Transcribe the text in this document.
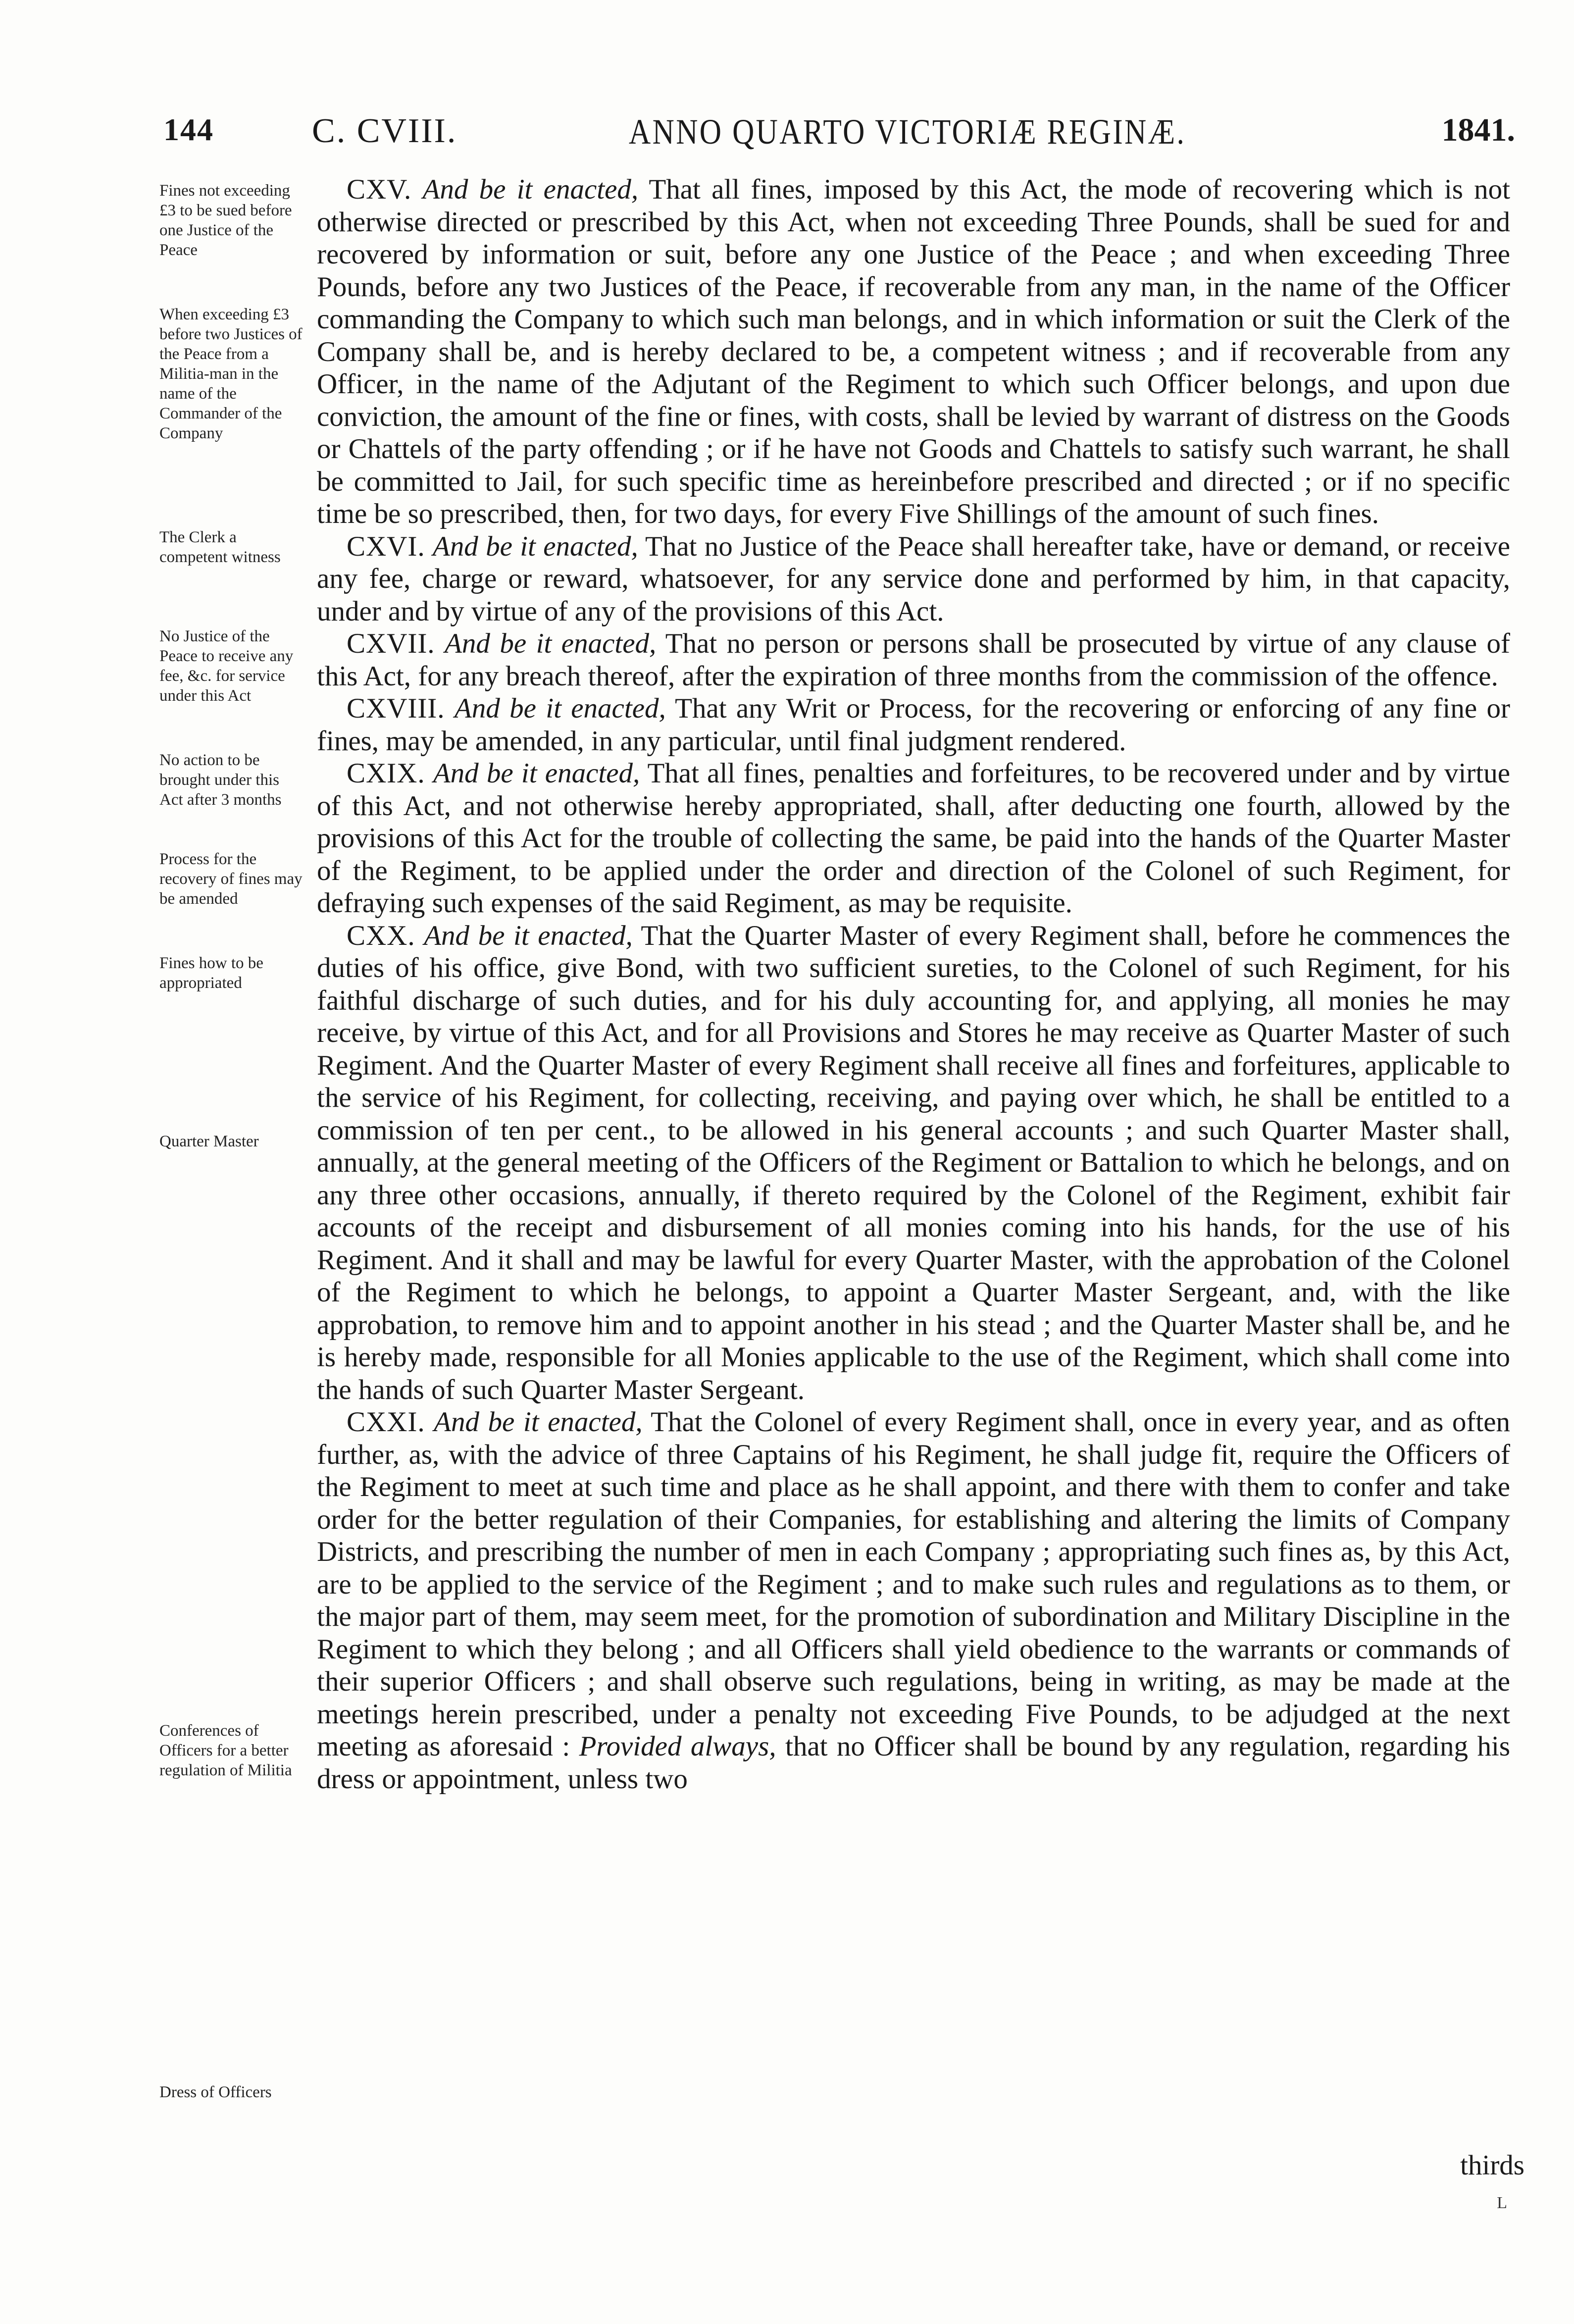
144	C. CVIII.	ANNO QUARTO VICTORIÆ REGINÆ.	1841.
Fines not exceeding £3 to be sued before one Justice of the Peace
When exceeding £3 before two Justices of the Peace from a Militia-man in the name of the Commander of the Company
The Clerk a competent witness
No Justice of the Peace to receive any fee, &c. for service under this Act
No action to be brought under this Act after 3 months
Process for the recovery of fines may be amended
Fines how to be appropriated
Quarter Master
Conferences of Officers for a better regulation of Militia
Dress of Officers

CXV. And be it enacted, That all fines, imposed by this Act, the mode of recovering which is not otherwise directed or prescribed by this Act, when not exceeding Three Pounds, shall be sued for and recovered by information or suit, before any one Justice of the Peace ; and when exceeding Three Pounds, before any two Justices of the Peace, if recoverable from any man, in the name of the Officer commanding the Company to which such man belongs, and in which information or suit the Clerk of the Company shall be, and is hereby declared to be, a competent witness ; and if recoverable from any Officer, in the name of the Adjutant of the Regiment to which such Officer belongs, and upon due conviction, the amount of the fine or fines, with costs, shall be levied by warrant of distress on the Goods or Chattels of the party offending ; or if he have not Goods and Chattels to satisfy such warrant, he shall be committed to Jail, for such specific time as hereinbefore prescribed and directed ; or if no specific time be so prescribed, then, for two days, for every Five Shillings of the amount of such fines.

CXVI. And be it enacted, That no Justice of the Peace shall hereafter take, have or demand, or receive any fee, charge or reward, whatsoever, for any service done and performed by him, in that capacity, under and by virtue of any of the provisions of this Act.

CXVII. And be it enacted, That no person or persons shall be prosecuted by virtue of any clause of this Act, for any breach thereof, after the expiration of three months from the commission of the offence.

CXVIII. And be it enacted, That any Writ or Process, for the recovering or enforcing of any fine or fines, may be amended, in any particular, until final judgment rendered.

CXIX. And be it enacted, That all fines, penalties and forfeitures, to be recovered under and by virtue of this Act, and not otherwise hereby appropriated, shall, after deducting one fourth, allowed by the provisions of this Act for the trouble of collecting the same, be paid into the hands of the Quarter Master of the Regiment, to be applied under the order and direction of the Colonel of such Regiment, for defraying such expenses of the said Regiment, as may be requisite.

CXX. And be it enacted, That the Quarter Master of every Regiment shall, before he commences the duties of his office, give Bond, with two sufficient sureties, to the Colonel of such Regiment, for his faithful discharge of such duties, and for his duly accounting for, and applying, all monies he may receive, by virtue of this Act, and for all Provisions and Stores he may receive as Quarter Master of such Regiment. And the Quarter Master of every Regiment shall receive all fines and forfeitures, applicable to the service of his Regiment, for collecting, receiving, and paying over which, he shall be entitled to a commission of ten per cent., to be allowed in his general accounts ; and such Quarter Master shall, annually, at the general meeting of the Officers of the Regiment or Battalion to which he belongs, and on any three other occasions, annually, if thereto required by the Colonel of the Regiment, exhibit fair accounts of the receipt and disbursement of all monies coming into his hands, for the use of his Regiment. And it shall and may be lawful for every Quarter Master, with the approbation of the Colonel of the Regiment to which he belongs, to appoint a Quarter Master Sergeant, and, with the like approbation, to remove him and to appoint another in his stead ; and the Quarter Master shall be, and he is hereby made, responsible for all Monies applicable to the use of the Regiment, which shall come into the hands of such Quarter Master Sergeant.

CXXI. And be it enacted, That the Colonel of every Regiment shall, once in every year, and as often further, as, with the advice of three Captains of his Regiment, he shall judge fit, require the Officers of the Regiment to meet at such time and place as he shall appoint, and there with them to confer and take order for the better regulation of their Companies, for establishing and altering the limits of Company Districts, and prescribing the number of men in each Company ; appropriating such fines as, by this Act, are to be applied to the service of the Regiment ; and to make such rules and regulations as to them, or the major part of them, may seem meet, for the promotion of subordination and Military Discipline in the Regiment to which they belong ; and all Officers shall yield obedience to the warrants or commands of their superior Officers ; and shall observe such regulations, being in writing, as may be made at the meetings herein prescribed, under a penalty not exceeding Five Pounds, to be adjudged at the next meeting as aforesaid : Provided always, that no Officer shall be bound by any regulation, regarding his dress or appointment, unless two

thirds
L
